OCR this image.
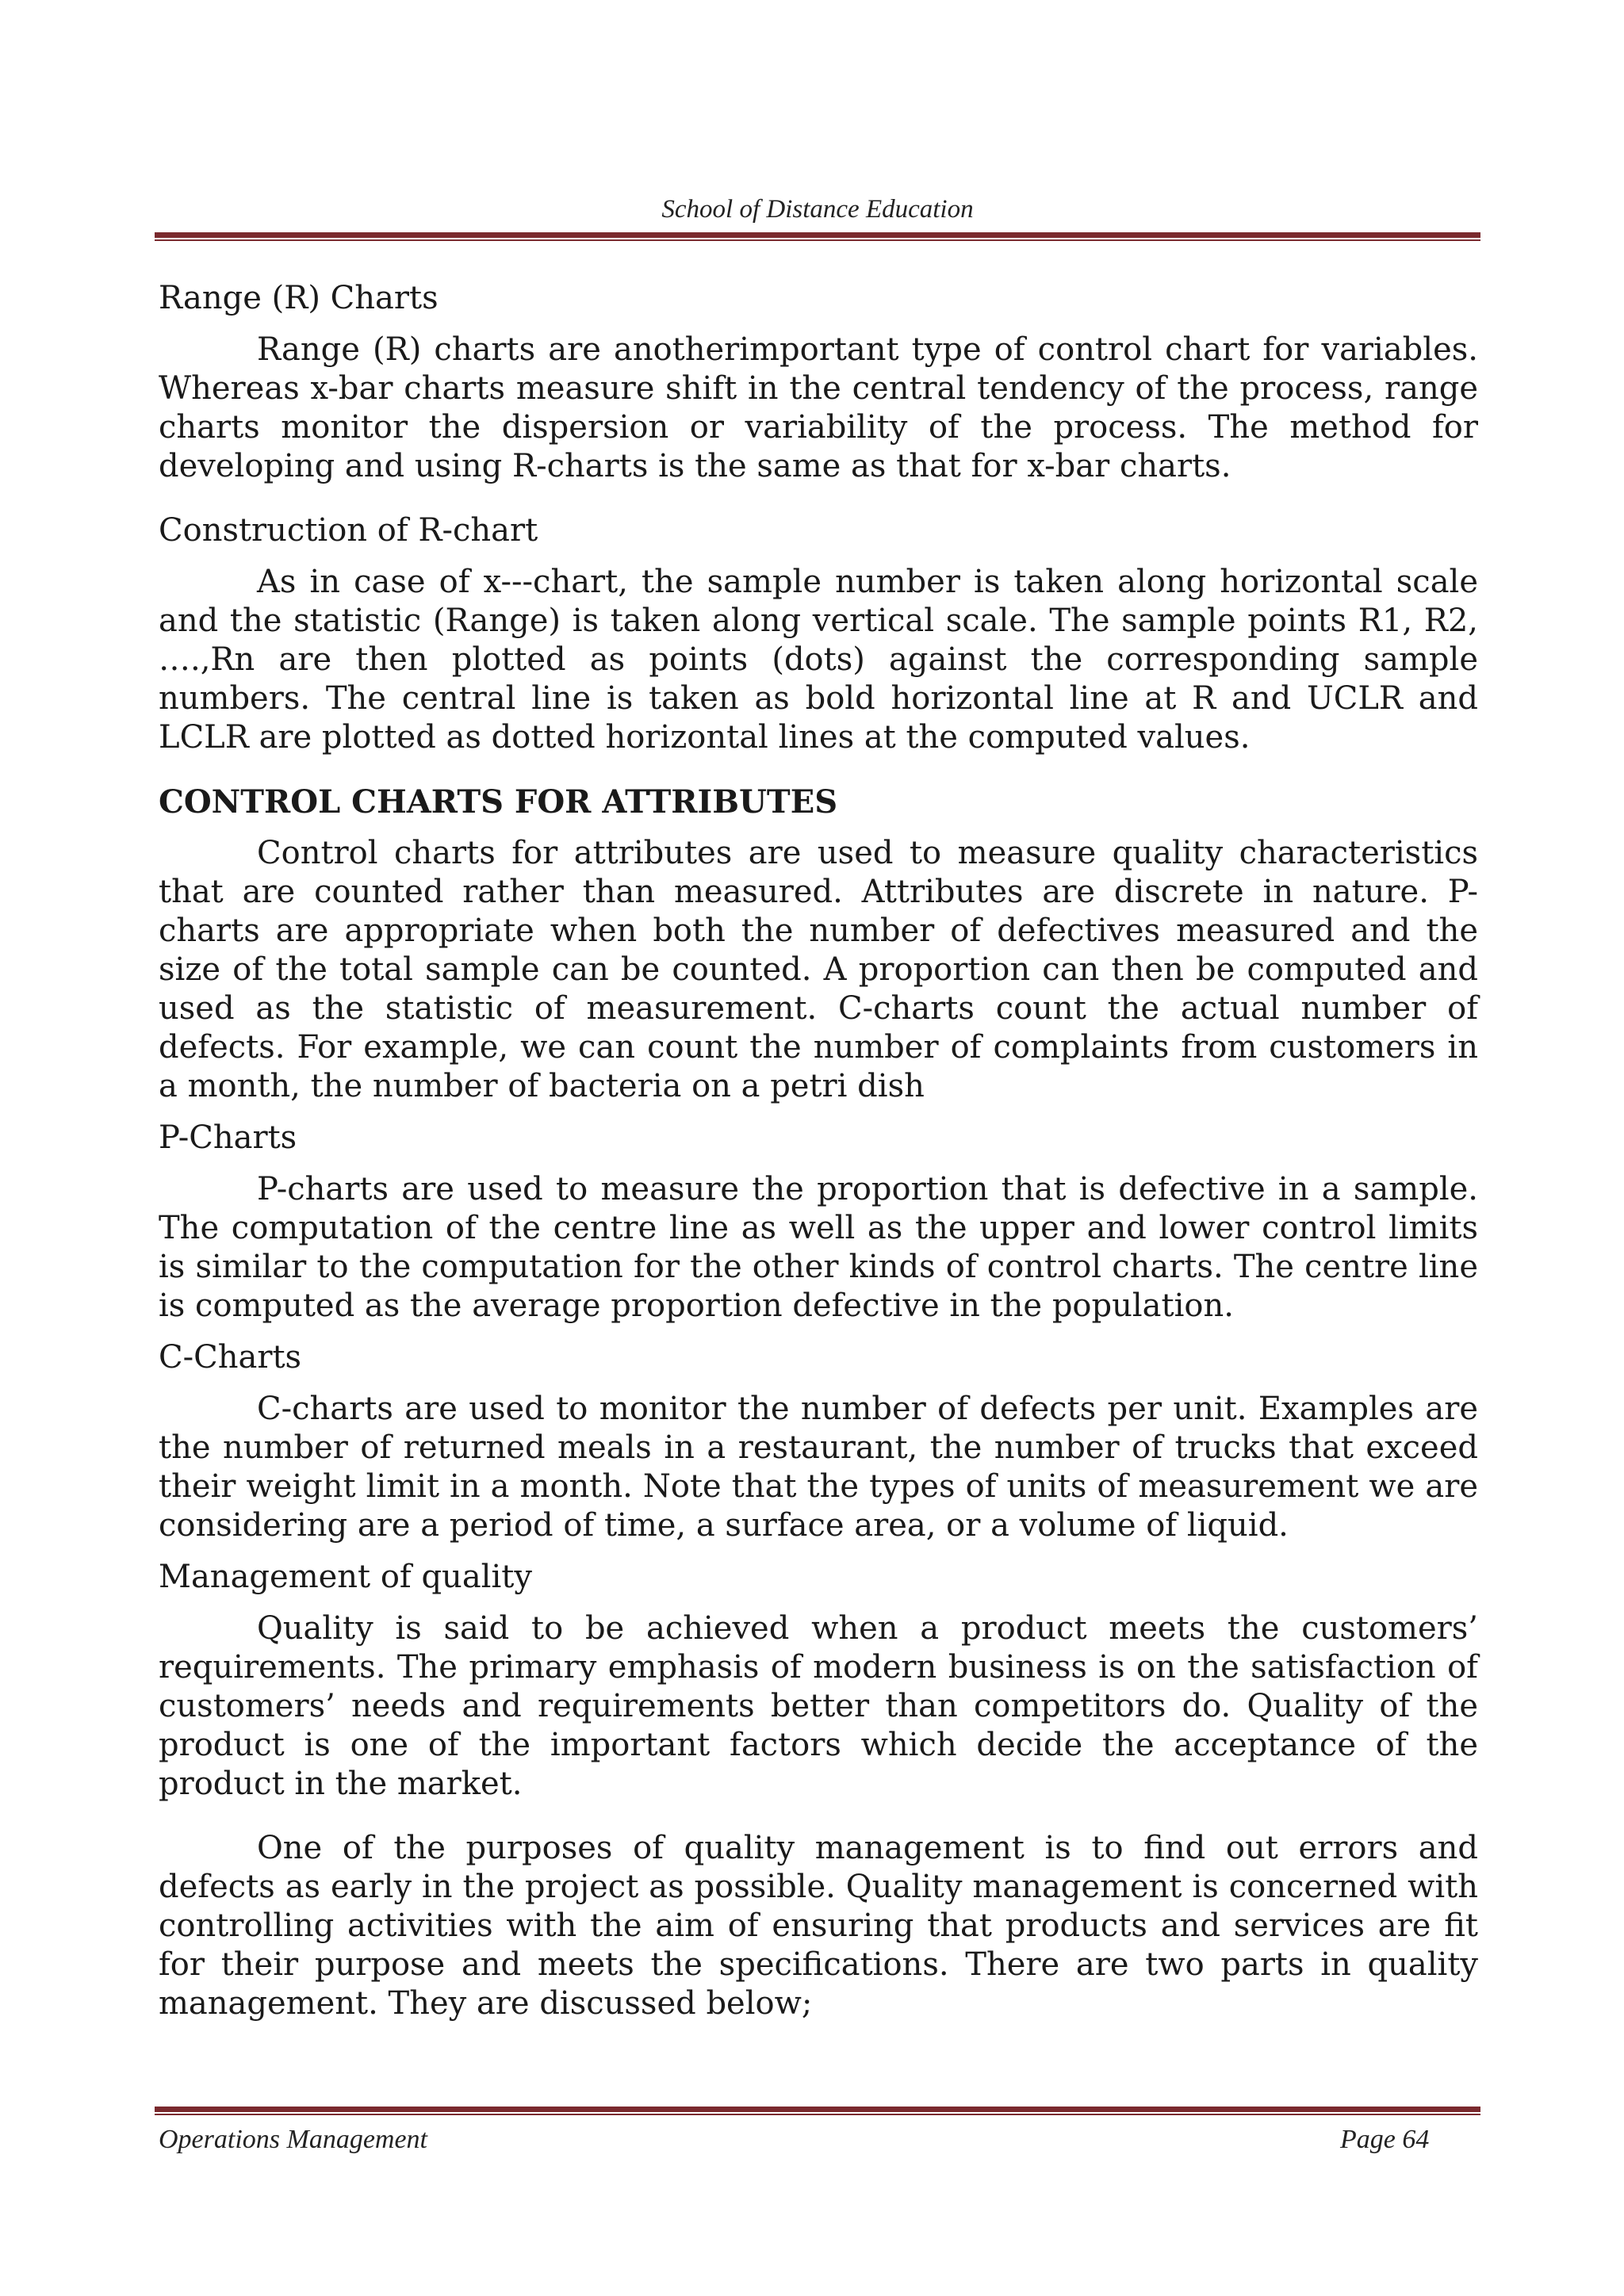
School of Distance Education

Range (R) Charts

Range (R) charts are anotherimportant type of control chart for variables. Whereas x-bar charts measure shift in the central tendency of the process, range charts monitor the dispersion or variability of the process. The method for developing and using R-charts is the same as that for x-bar charts.

Construction of R-chart

As in case of x---chart, the sample number is taken along horizontal scale and the statistic (Range) is taken along vertical scale. The sample points R1, R2, ….,Rn are then plotted as points (dots) against the corresponding sample numbers. The central line is taken as bold horizontal line at R and UCLR and LCLR are plotted as dotted horizontal lines at the computed values.

CONTROL CHARTS FOR ATTRIBUTES

Control charts for attributes are used to measure quality characteristics that are counted rather than measured. Attributes are discrete in nature. P-charts are appropriate when both the number of defectives measured and the size of the total sample can be counted. A proportion can then be computed and used as the statistic of measurement. C-charts count the actual number of defects. For example, we can count the number of complaints from customers in a month, the number of bacteria on a petri dish

P-Charts

P-charts are used to measure the proportion that is defective in a sample. The computation of the centre line as well as the upper and lower control limits is similar to the computation for the other kinds of control charts. The centre line is computed as the average proportion defective in the population.

C-Charts

C-charts are used to monitor the number of defects per unit. Examples are the number of returned meals in a restaurant, the number of trucks that exceed their weight limit in a month. Note that the types of units of measurement we are considering are a period of time, a surface area, or a volume of liquid.

Management of quality

Quality is said to be achieved when a product meets the customers’ requirements. The primary emphasis of modern business is on the satisfaction of customers’ needs and requirements better than competitors do. Quality of the product is one of the important factors which decide the acceptance of the product in the market.

One of the purposes of quality management is to find out errors and defects as early in the project as possible. Quality management is concerned with controlling activities with the aim of ensuring that products and services are fit for their purpose and meets the specifications. There are two parts in quality management. They are discussed below;

Operations Management	Page 64
